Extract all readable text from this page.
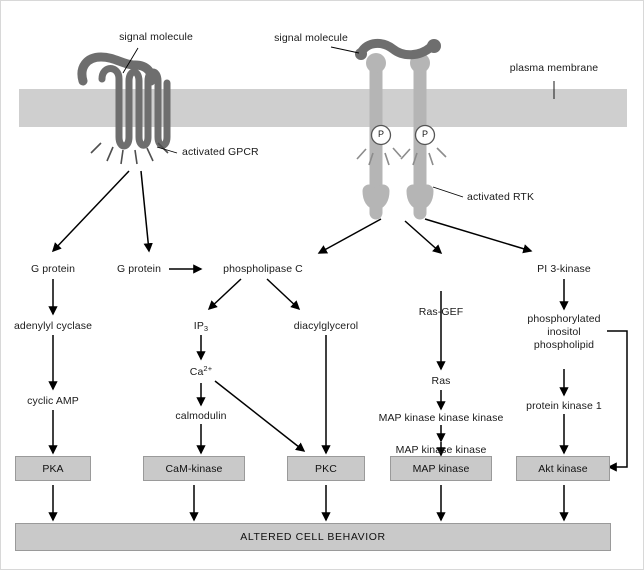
signal molecule	signal molecule
plasma membrane
activated GPCR
activated RTK
P	P
G protein	G protein	phospholipase C
adenylyl cyclase	$IP_3$	diacylglycerol
Ras-GEF
PI 3-kinase
cyclic AMP
$Ca^{2+}$
Ras
phosphorylated
inositol
phospholipid
calmodulin	MAP kinase kinase kinase
MAP kinase kinase
protein kinase 1
PKA	CaM-kinase	PKC	MAP kinase	Akt kinase
ALTERED CELL BEHAVIOR
